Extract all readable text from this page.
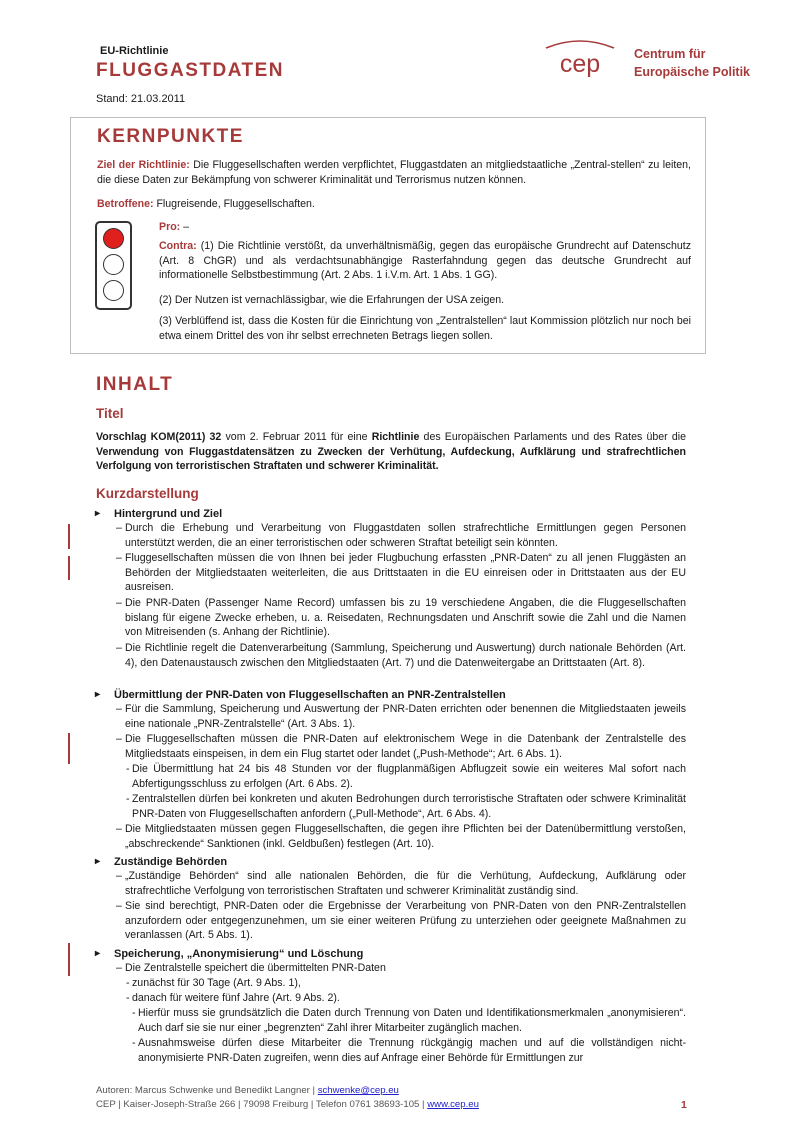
EU-Richtlinie
FLUGGASTDATEN
Stand: 21.03.2011
cep	Centrum für
Europäische Politik
KERNPUNKTE

Ziel der Richtlinie: Die Fluggesellschaften werden verpflichtet, Fluggastdaten an mitgliedstaatliche „Zentral-stellen“ zu leiten, die diese Daten zur Bekämpfung von schwerer Kriminalität und Terrorismus nutzen können.

Betroffene: Flugreisende, Fluggesellschaften.

Pro: –

Contra: (1) Die Richtlinie verstößt, da unverhältnismäßig, gegen das europäische Grundrecht auf Datenschutz (Art. 8 ChGR) und als verdachtsunabhängige Rasterfahndung gegen das deutsche Grundrecht auf informationelle Selbstbestimmung (Art. 2 Abs. 1 i.V.m. Art. 1 Abs. 1 GG).

(2) Der Nutzen ist vernachlässigbar, wie die Erfahrungen der USA zeigen.

(3) Verblüffend ist, dass die Kosten für die Einrichtung von „Zentralstellen“ laut Kommission plötzlich nur noch bei etwa einem Drittel des von ihr selbst errechneten Betrags liegen sollen.

INHALT
Titel
Vorschlag KOM(2011) 32 vom 2. Februar 2011 für eine Richtlinie des Europäischen Parlaments und des Rates über die Verwendung von Fluggastdatensätzen zu Zwecken der Verhütung, Aufdeckung, Aufklärung und strafrechtlichen Verfolgung von terroristischen Straftaten und schwerer Kriminalität.
Kurzdarstellung
▸ Hintergrund und Ziel
– Durch die Erhebung und Verarbeitung von Fluggastdaten sollen strafrechtliche Ermittlungen gegen Personen unterstützt werden, die an einer terroristischen oder schweren Straftat beteiligt sein könnten.
– Fluggesellschaften müssen die von Ihnen bei jeder Flugbuchung erfassten „PNR-Daten“ zu all jenen Fluggästen an Behörden der Mitgliedstaaten weiterleiten, die aus Drittstaaten in die EU einreisen oder in Drittstaaten aus der EU ausreisen.
– Die PNR-Daten (Passenger Name Record) umfassen bis zu 19 verschiedene Angaben, die die Fluggesellschaften bislang für eigene Zwecke erheben, u. a. Reisedaten, Rechnungsdaten und Anschrift sowie die Zahl und die Namen von Mitreisenden (s. Anhang der Richtlinie).
– Die Richtlinie regelt die Datenverarbeitung (Sammlung, Speicherung und Auswertung) durch nationale Behörden (Art. 4), den Datenaustausch zwischen den Mitgliedstaaten (Art. 7) und die Datenweitergabe an Drittstaaten (Art. 8).
▸ Übermittlung der PNR-Daten von Fluggesellschaften an PNR-Zentralstellen
– Für die Sammlung, Speicherung und Auswertung der PNR-Daten errichten oder benennen die Mitgliedstaaten jeweils eine nationale „PNR-Zentralstelle“ (Art. 3 Abs. 1).
– Die Fluggesellschaften müssen die PNR-Daten auf elektronischem Wege in die Datenbank der Zentralstelle des Mitgliedstaats einspeisen, in dem ein Flug startet oder landet („Push-Methode“; Art. 6 Abs. 1).
- Die Übermittlung hat 24 bis 48 Stunden vor der flugplanmäßigen Abflugzeit sowie ein weiteres Mal sofort nach Abfertigungsschluss zu erfolgen (Art. 6 Abs. 2).
- Zentralstellen dürfen bei konkreten und akuten Bedrohungen durch terroristische Straftaten oder schwere Kriminalität PNR-Daten von Fluggesellschaften anfordern („Pull-Methode“, Art. 6 Abs. 4).
– Die Mitgliedstaaten müssen gegen Fluggesellschaften, die gegen ihre Pflichten bei der Datenübermittlung verstoßen, „abschreckende“ Sanktionen (inkl. Geldbußen) festlegen (Art. 10).
▸ Zuständige Behörden
– „Zuständige Behörden“ sind alle nationalen Behörden, die für die Verhütung, Aufdeckung, Aufklärung oder strafrechtliche Verfolgung von terroristischen Straftaten und schwerer Kriminalität zuständig sind.
– Sie sind berechtigt, PNR-Daten oder die Ergebnisse der Verarbeitung von PNR-Daten von den PNR-Zentralstellen anzufordern oder entgegenzunehmen, um sie einer weiteren Prüfung zu unterziehen oder geeignete Maßnahmen zu veranlassen (Art. 5 Abs. 1).
▸ Speicherung, „Anonymisierung“ und Löschung
– Die Zentralstelle speichert die übermittelten PNR-Daten
- zunächst für 30 Tage (Art. 9 Abs. 1),
- danach für weitere fünf Jahre (Art. 9 Abs. 2).
- Hierfür muss sie grundsätzlich die Daten durch Trennung von Daten und Identifikationsmerkmalen „anonymisieren“. Auch darf sie sie nur einer „begrenzten“ Zahl ihrer Mitarbeiter zugänglich machen.
- Ausnahmsweise dürfen diese Mitarbeiter die Trennung rückgängig machen und auf die vollständigen nicht-anonymisierte PNR-Daten zugreifen, wenn dies auf Anfrage einer Behörde für Ermittlungen zur
Autoren: Marcus Schwenke und Benedikt Langner | schwenke@cep.eu
CEP | Kaiser-Joseph-Straße 266 | 79098 Freiburg | Telefon 0761 38693-105 | www.cep.eu	1
